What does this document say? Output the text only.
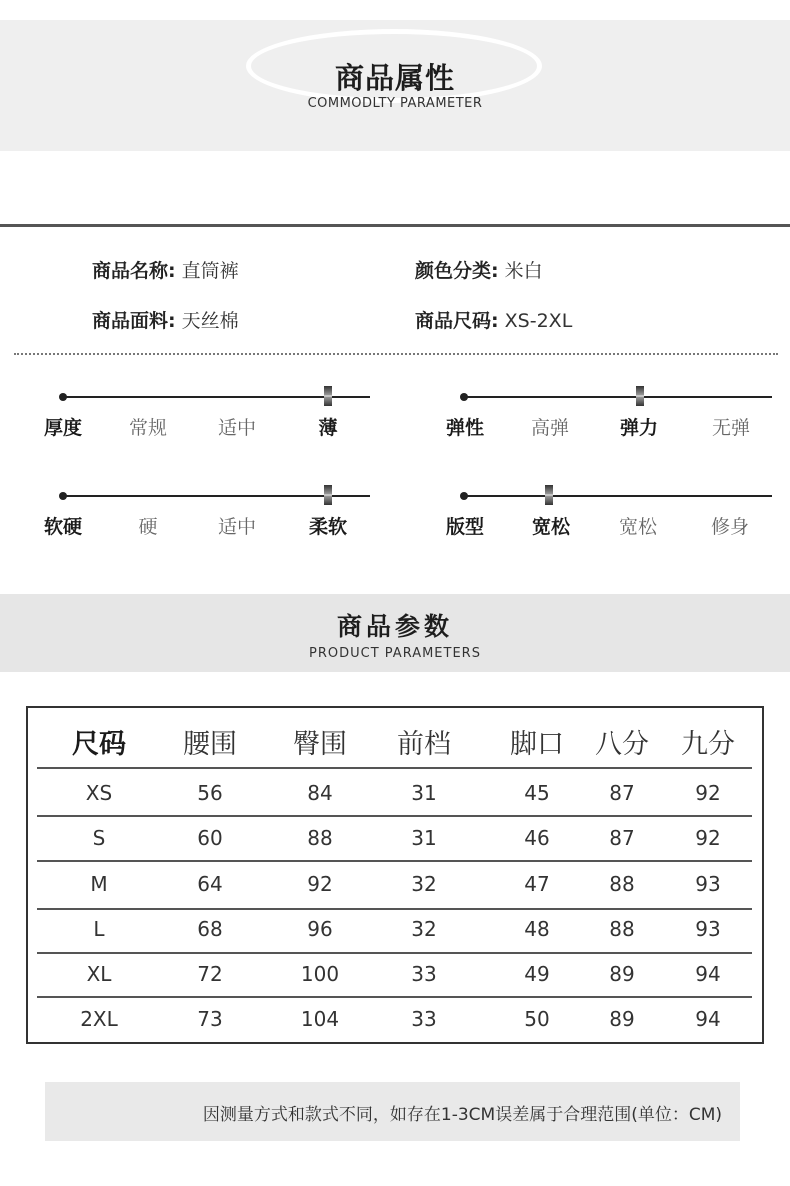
商品属性
COMMODLTY PARAMETER
商品名称: 直筒裤	颜色分类: 米白
商品面料: 天丝棉	商品尺码: XS-2XL
厚度 常规	适中	薄	弹性 高弹	弹力	无弹
软硬	硬	适中	柔软	版型	宽松	宽松	修身
商品参数
PRODUCT PARAMETERS
尺码 腰围 臀围 前档 脚口 八分 九分
XS	56	84	31	45	87	92
S	60	88	31	46	87	92
M	64	92	32	47	88	93
L	68	96	32	48	88	93
XL	72	100	33	49	89	94
2XL	73	104	33	50	89	94
因测量方式和款式不同，如存在1-3CM误差属于合理范围(单位：CM)
